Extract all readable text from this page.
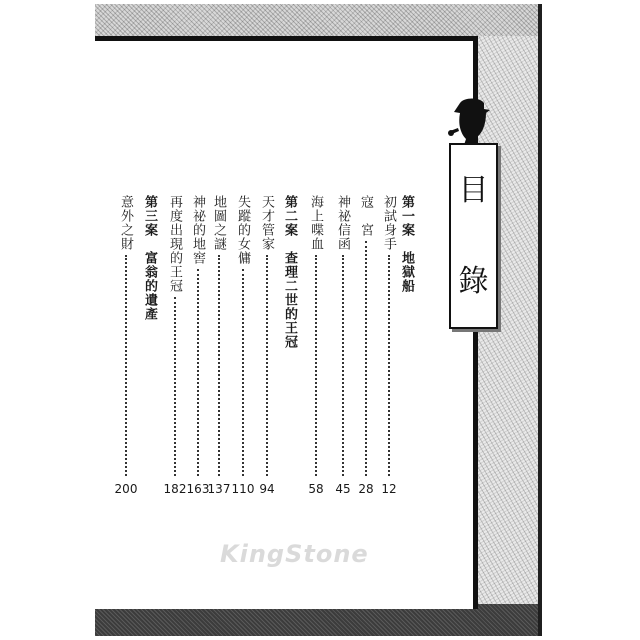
目
錄
KingStone
第一案　地獄船
初試身手
12
寇　宮
28
神祕信函
45
海上喋血
58
第二案　查理二世的王冠
天才管家
94
失蹤的女傭
110
地圖之謎
137
神祕的地窖
163
再度出現的王冠
182
第三案　富翁的遺產
意外之財
200
